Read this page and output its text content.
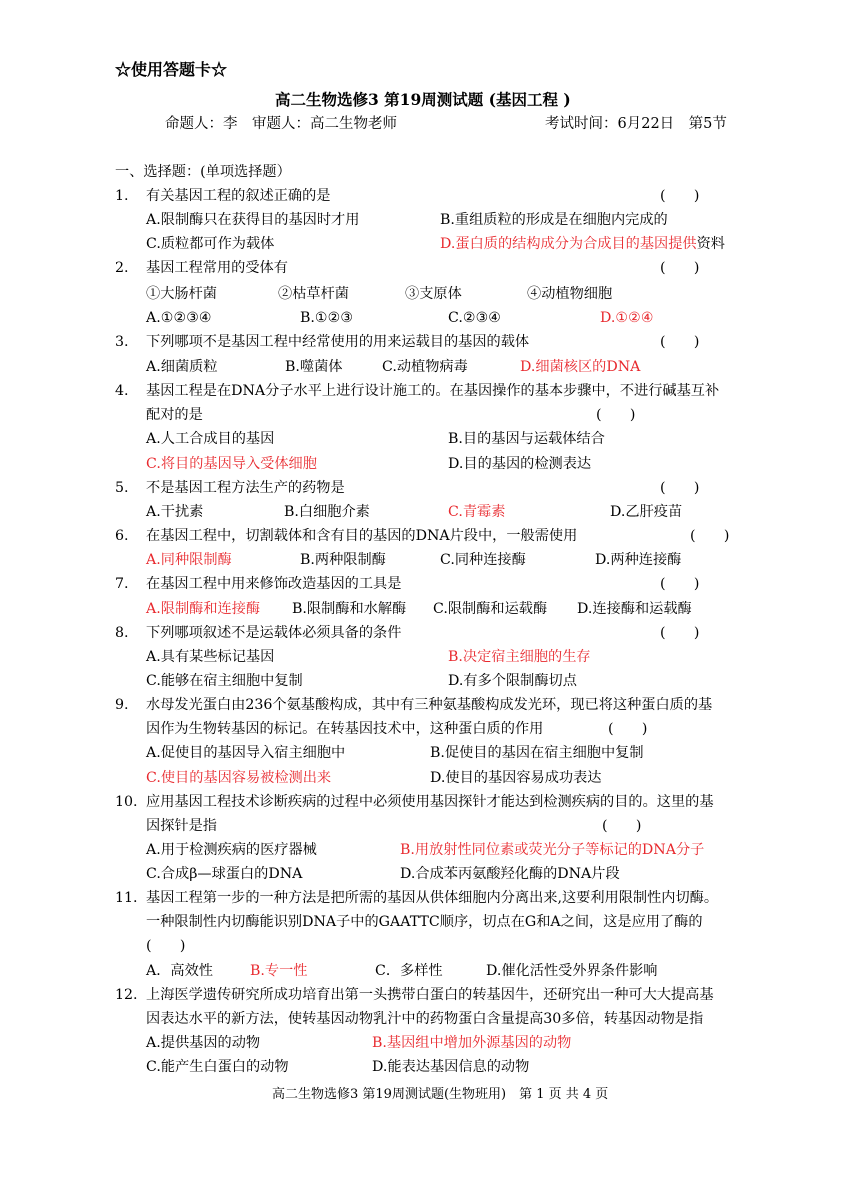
☆使用答题卡☆
高二生物选修3 第19周测试题 (基因工程 )
命题人：李　审题人：高二生物老师	考试时间：6月22日　第5节
一、选择题：(单项选择题）
1. 有关基因工程的叙述正确的是	(　　)
A.限制酶只在获得目的基因时才用	B.重组质粒的形成是在细胞内完成的
C.质粒都可作为载体	D.蛋白质的结构成分为合成目的基因提供资料
2. 基因工程常用的受体有	(　　)
①大肠杆菌	②枯草杆菌	③支原体	④动植物细胞
A.①②③④	B.①②③	C.②③④	D.①②④
3. 下列哪项不是基因工程中经常使用的用来运载目的基因的载体	(　　)
A.细菌质粒	B.噬菌体	C.动植物病毒	D.细菌核区的DNA
4. 基因工程是在DNA分子水平上进行设计施工的。在基因操作的基本步骤中，不进行碱基互补
配对的是	(　　)
A.人工合成目的基因	B.目的基因与运载体结合
C.将目的基因导入受体细胞	D.目的基因的检测表达
5. 不是基因工程方法生产的药物是	(　　)
A.干扰素	B.白细胞介素	C.青霉素	D.乙肝疫苗
6. 在基因工程中，切割载体和含有目的基因的DNA片段中，一般需使用	(　　)
A.同种限制酶	B.两种限制酶	C.同种连接酶	D.两种连接酶
7. 在基因工程中用来修饰改造基因的工具是	(　　)
A.限制酶和连接酶 B.限制酶和水解酶 C.限制酶和运载酶 D.连接酶和运载酶
8. 下列哪项叙述不是运载体必须具备的条件	(　　)
A.具有某些标记基因	B.决定宿主细胞的生存
C.能够在宿主细胞中复制	D.有多个限制酶切点
9. 水母发光蛋白由236个氨基酸构成，其中有三种氨基酸构成发光环，现已将这种蛋白质的基
因作为生物转基因的标记。在转基因技术中，这种蛋白质的作用	(　　)
A.促使目的基因导入宿主细胞中	B.促使目的基因在宿主细胞中复制
C.使目的基因容易被检测出来	D.使目的基因容易成功表达
10. 应用基因工程技术诊断疾病的过程中必须使用基因探针才能达到检测疾病的目的。这里的基
因探针是指	(　　)
A.用于检测疾病的医疗器械	B.用放射性同位素或荧光分子等标记的DNA分子
C.合成β—球蛋白的DNA	D.合成苯丙氨酸羟化酶的DNA片段
11. 基因工程第一步的一种方法是把所需的基因从供体细胞内分离出来,这要利用限制性内切酶。
一种限制性内切酶能识别DNA子中的GAATTC顺序，切点在G和A之间，这是应用了酶的
(　　)
A．高效性	B.专一性	C．多样性	D.催化活性受外界条件影响
12. 上海医学遗传研究所成功培育出第一头携带白蛋白的转基因牛，还研究出一种可大大提高基
因表达水平的新方法，使转基因动物乳汁中的药物蛋白含量提高30多倍，转基因动物是指
A.提供基因的动物	B.基因组中增加外源基因的动物
C.能产生白蛋白的动物	D.能表达基因信息的动物
高二生物选修3 第19周测试题(生物班用)　第 1 页 共 4 页
